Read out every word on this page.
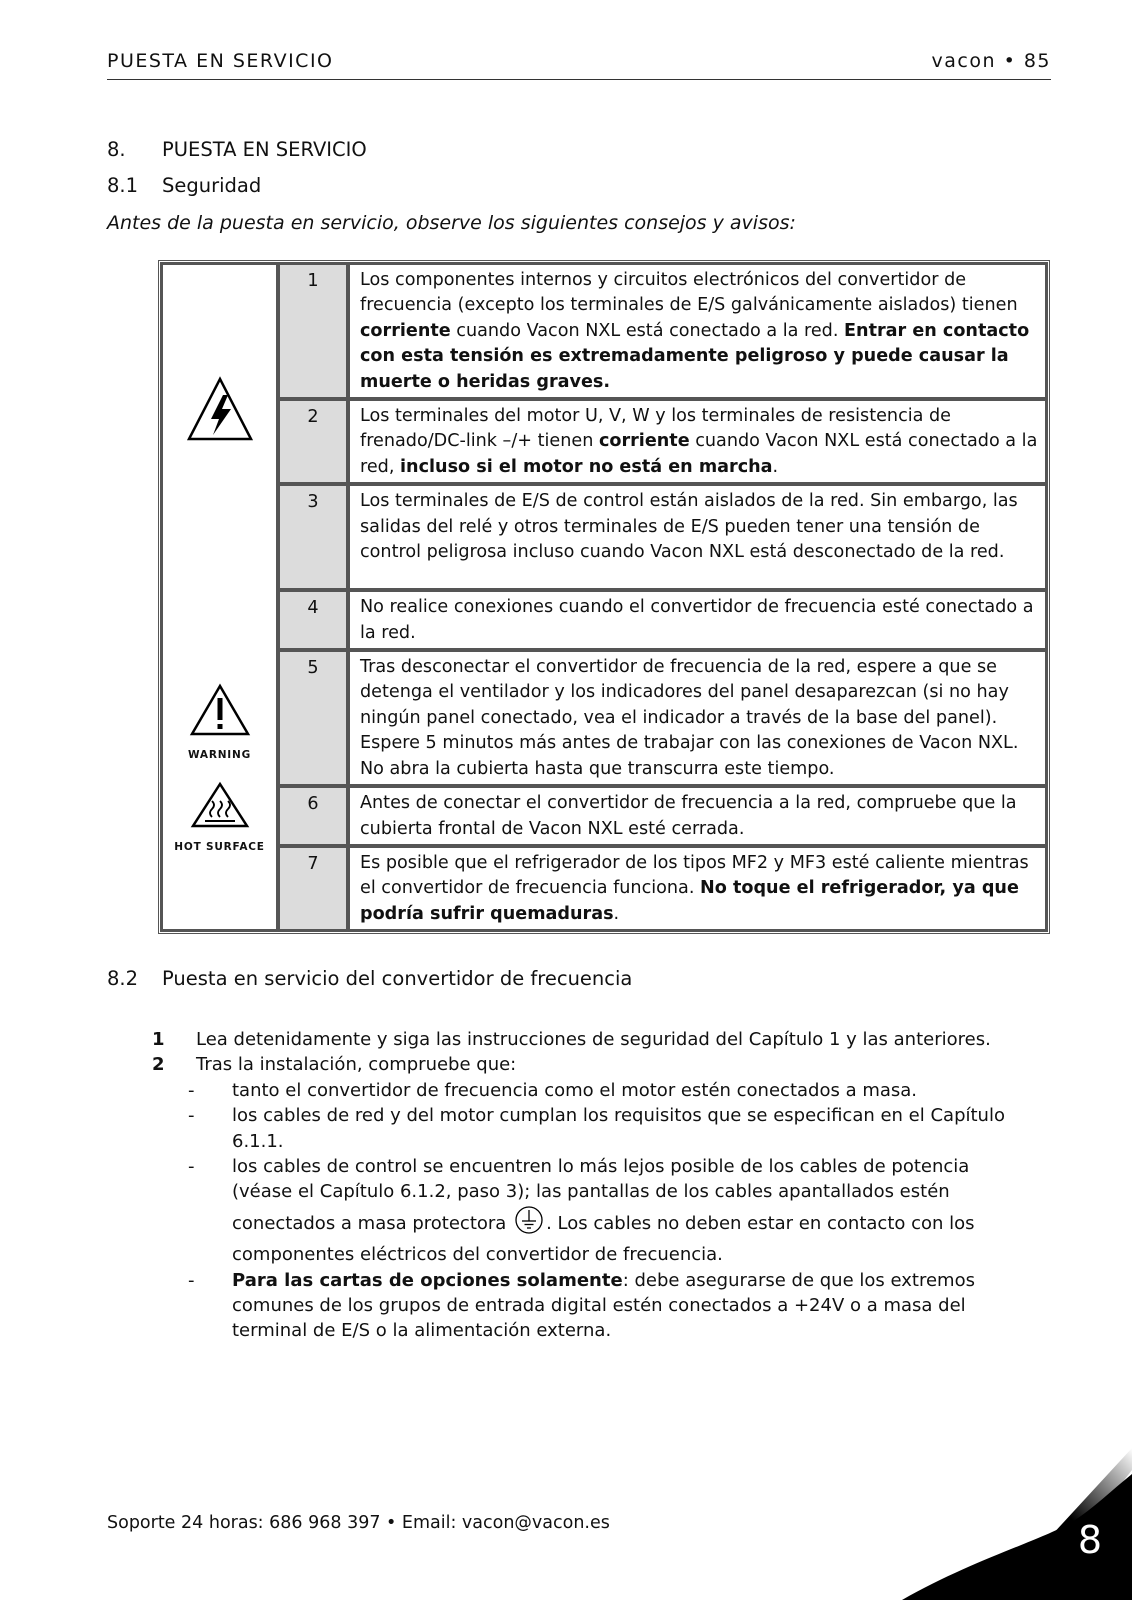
PUESTA EN SERVICIO	vacon • 85
8. PUESTA EN SERVICIO
8.1 Seguridad
Antes de la puesta en servicio, observe los siguientes consejos y avisos:
WARNING
HOT SURFACE	1	Los componentes internos y circuitos electrónicos del convertidor de frecuencia (excepto los terminales de E/S galvánicamente aislados) tienen corriente cuando Vacon NXL está conectado a la red. Entrar en contacto con esta tensión es extremadamente peligroso y puede causar la muerte o heridas graves.
	2	Los terminales del motor U, V, W y los terminales de resistencia de frenado/DC-link –/+ tienen corriente cuando Vacon NXL está conectado a la red, incluso si el motor no está en marcha.
	3	Los terminales de E/S de control están aislados de la red. Sin embargo, las salidas del relé y otros terminales de E/S pueden tener una tensión de control peligrosa incluso cuando Vacon NXL está desconectado de la red.
	4	No realice conexiones cuando el convertidor de frecuencia esté conectado a la red.
	5	Tras desconectar el convertidor de frecuencia de la red, espere a que se detenga el ventilador y los indicadores del panel desaparezcan (si no hay ningún panel conectado, vea el indicador a través de la base del panel). Espere 5 minutos más antes de trabajar con las conexiones de Vacon NXL. No abra la cubierta hasta que transcurra este tiempo.
	6	Antes de conectar el convertidor de frecuencia a la red, compruebe que la cubierta frontal de Vacon NXL esté cerrada.
	7	Es posible que el refrigerador de los tipos MF2 y MF3 esté caliente mientras el convertidor de frecuencia funciona. No toque el refrigerador, ya que podría sufrir quemaduras.
8.2 Puesta en servicio del convertidor de frecuencia
1 Lea detenidamente y siga las instrucciones de seguridad del Capítulo 1 y las anteriores.
2 Tras la instalación, compruebe que:
- tanto el convertidor de frecuencia como el motor estén conectados a masa.
- los cables de red y del motor cumplan los requisitos que se especifican en el Capítulo 6.1.1.
- los cables de control se encuentren lo más lejos posible de los cables de potencia (véase el Capítulo 6.1.2, paso 3); las pantallas de los cables apantallados estén conectados a masa protectora . Los cables no deben estar en contacto con los componentes eléctricos del convertidor de frecuencia.
- Para las cartas de opciones solamente: debe asegurarse de que los extremos comunes de los grupos de entrada digital estén conectados a +24V o a masa del terminal de E/S o la alimentación externa.
Soporte 24 horas: 686 968 397 • Email: vacon@vacon.es	8
